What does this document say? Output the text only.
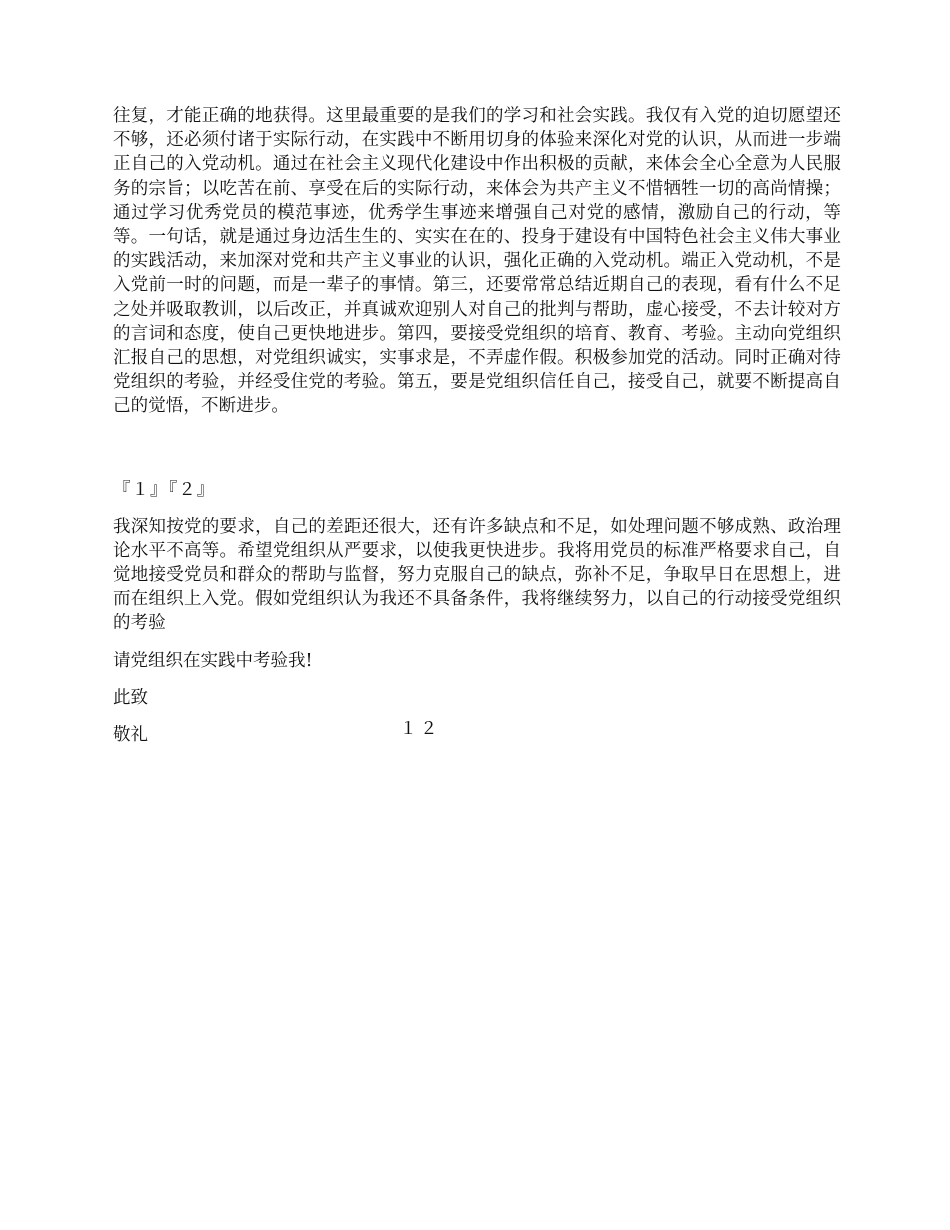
往复，才能正确的地获得。这里最重要的是我们的学习和社会实践。我仅有入党的迫切愿望还不够，还必须付诸于实际行动，在实践中不断用切身的体验来深化对党的认识，从而进一步端正自己的入党动机。通过在社会主义现代化建设中作出积极的贡献，来体会全心全意为人民服务的宗旨；以吃苦在前、享受在后的实际行动，来体会为共产主义不惜牺牲一切的高尚情操；通过学习优秀党员的模范事迹，优秀学生事迹来增强自己对党的感情，激励自己的行动，等等。一句话，就是通过身边活生生的、实实在在的、投身于建设有中国特色社会主义伟大事业的实践活动，来加深对党和共产主义事业的认识，强化正确的入党动机。端正入党动机，不是入党前一时的问题，而是一辈子的事情。第三，还要常常总结近期自己的表现，看有什么不足之处并吸取教训，以后改正，并真诚欢迎别人对自己的批判与帮助，虚心接受，不去计较对方的言词和态度，使自己更快地进步。第四，要接受党组织的培育、教育、考验。主动向党组织汇报自己的思想，对党组织诚实，实事求是，不弄虚作假。积极参加党的活动。同时正确对待党组织的考验，并经受住党的考验。第五，要是党组织信任自己，接受自己，就要不断提高自己的觉悟，不断进步。

『１』『２』

我深知按党的要求，自己的差距还很大，还有许多缺点和不足，如处理问题不够成熟、政治理论水平不高等。希望党组织从严要求，以使我更快进步。我将用党员的标准严格要求自己，自觉地接受党员和群众的帮助与监督，努力克服自己的缺点，弥补不足，争取早日在思想上，进而在组织上入党。假如党组织认为我还不具备条件，我将继续努力，以自己的行动接受党组织的考验

请党组织在实践中考验我!
此致
敬礼	１２
